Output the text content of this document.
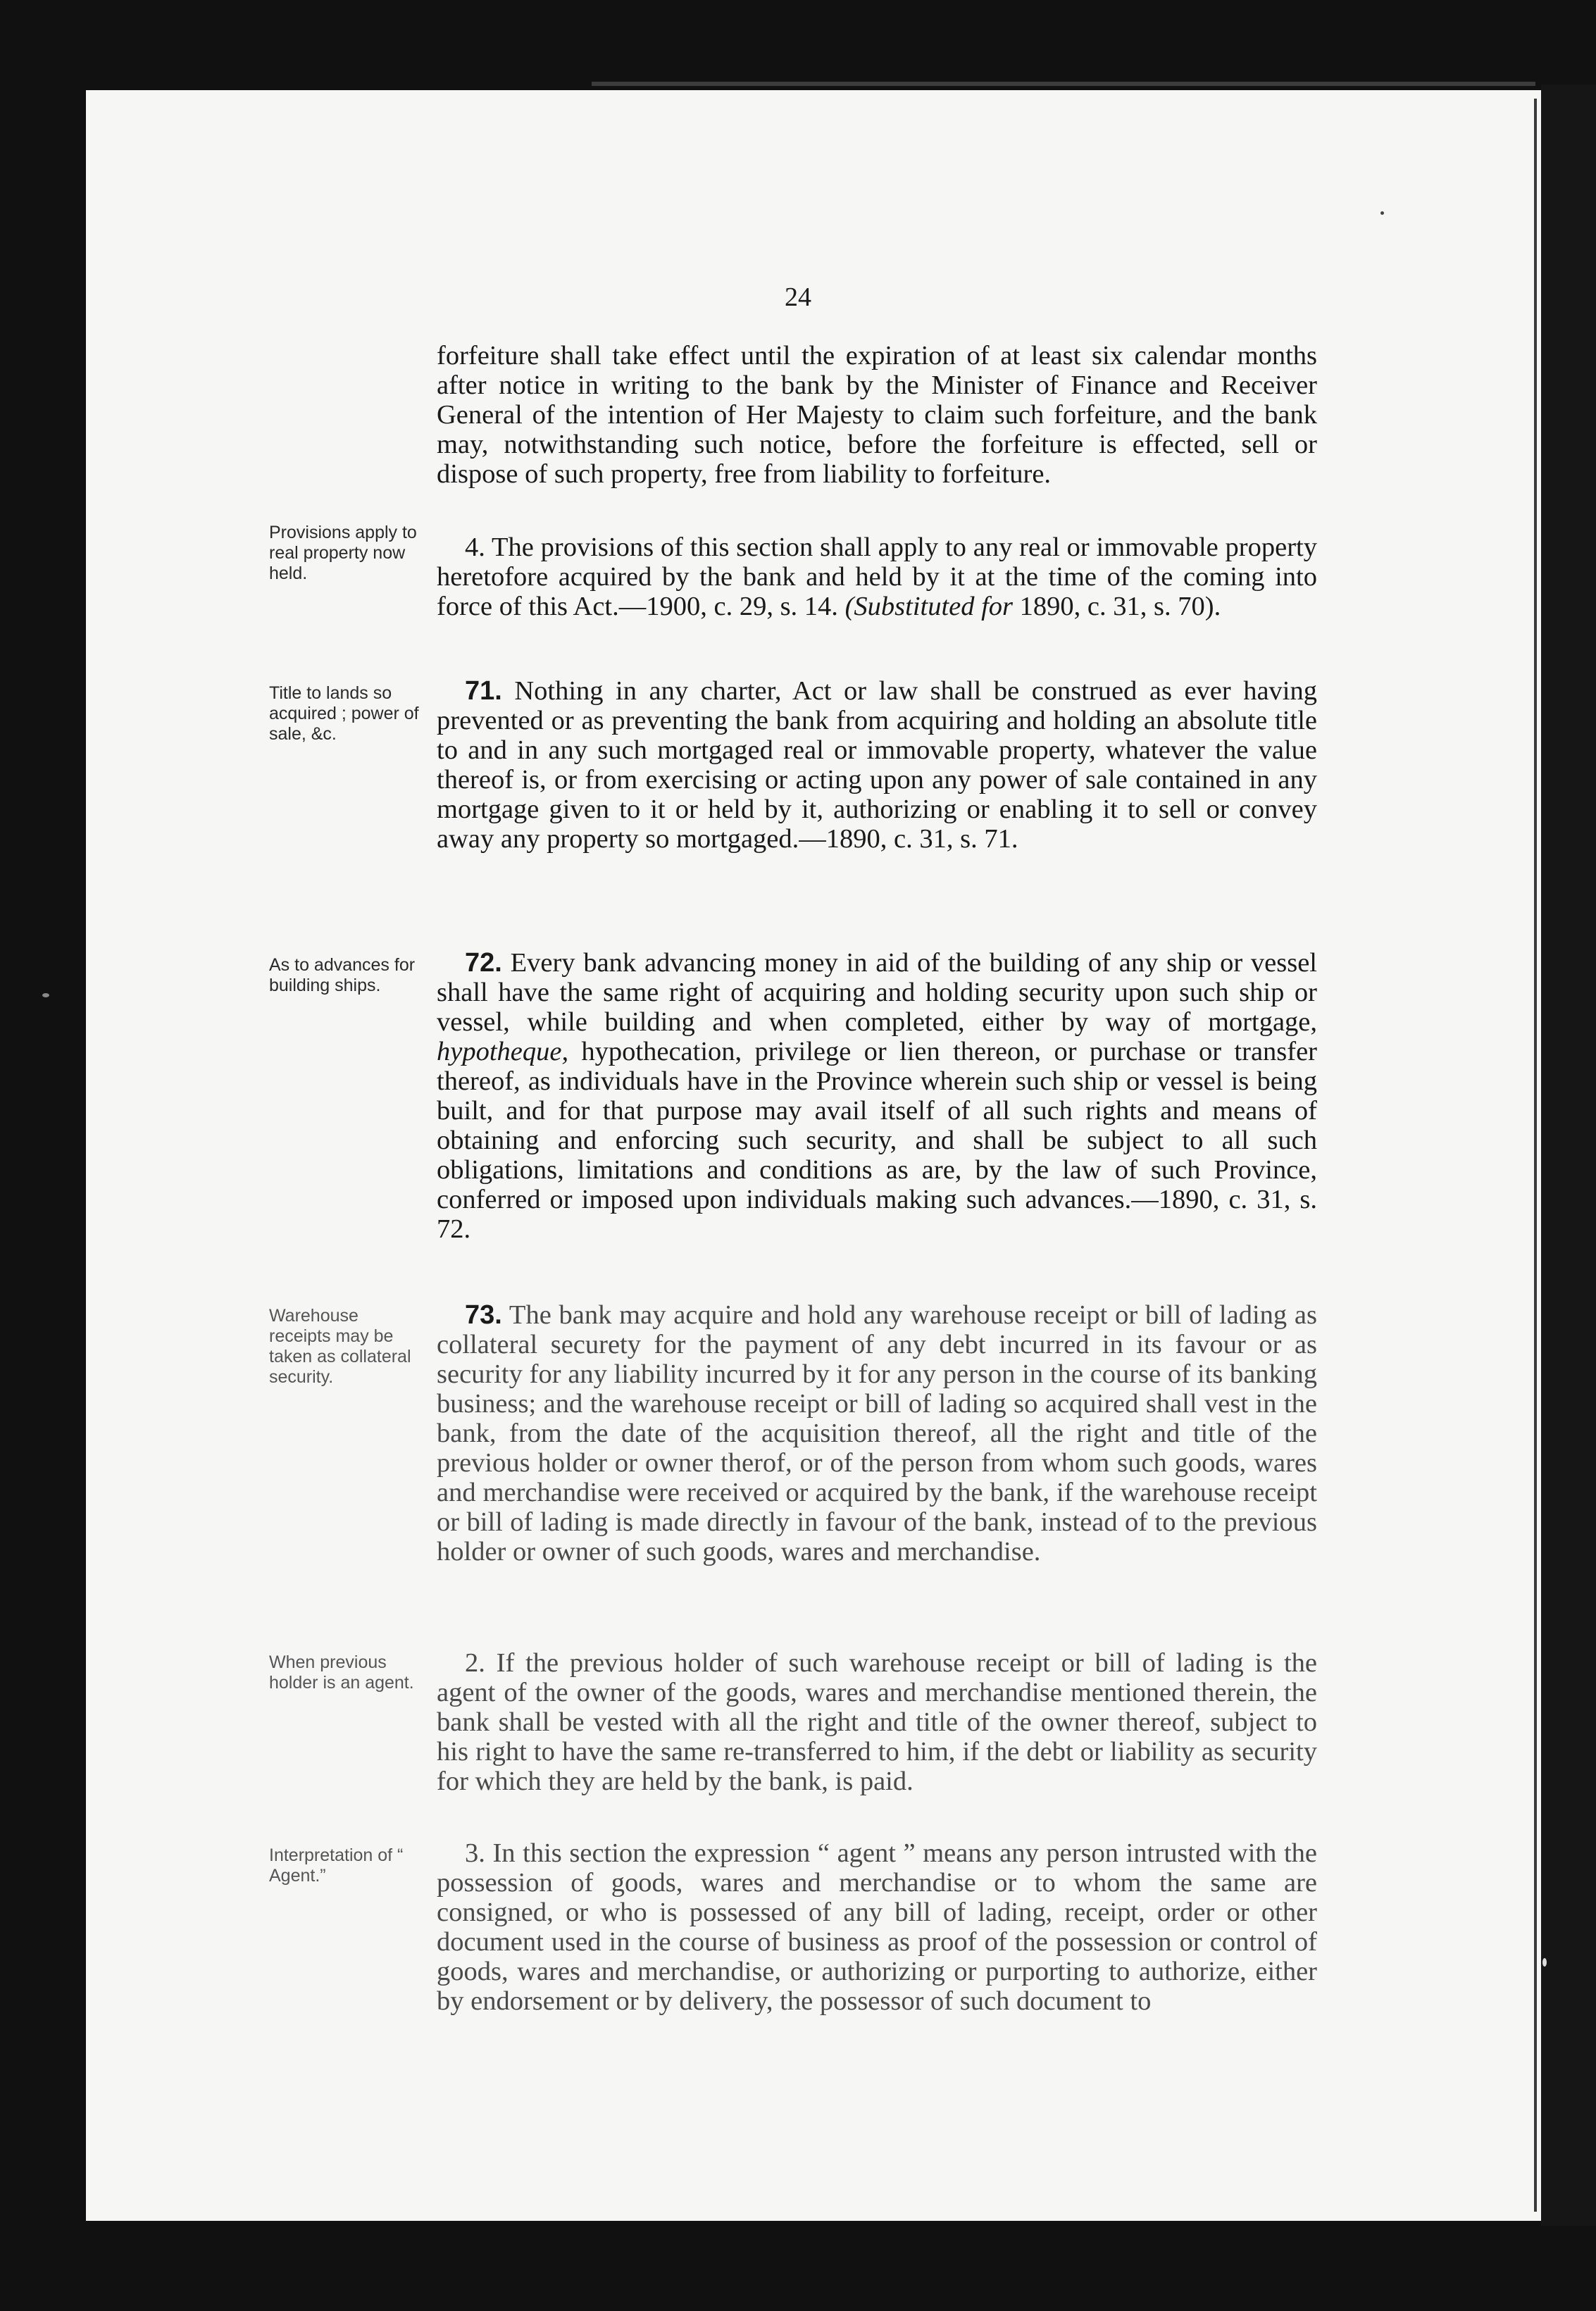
24

forfeiture shall take effect until the expiration of at least six calendar months after notice in writing to the bank by the Minister of Finance and Receiver General of the intention of Her Majesty to claim such forfeiture, and the bank may, notwithstanding such notice, before the forfeiture is effected, sell or dispose of such property, free from liability to forfeiture.

Provisions apply to real property now held.

4. The provisions of this section shall apply to any real or immovable property heretofore acquired by the bank and held by it at the time of the coming into force of this Act.—1900, c. 29, s. 14. (Substituted for 1890, c. 31, s. 70).

Title to lands so acquired ; power of sale, &c.

71. Nothing in any charter, Act or law shall be construed as ever having prevented or as preventing the bank from acquiring and holding an absolute title to and in any such mortgaged real or immovable property, whatever the value thereof is, or from exercising or acting upon any power of sale contained in any mortgage given to it or held by it, authorizing or enabling it to sell or convey away any property so mortgaged.—1890, c. 31, s. 71.

As to advances for building ships.

72. Every bank advancing money in aid of the building of any ship or vessel shall have the same right of acquiring and holding security upon such ship or vessel, while building and when completed, either by way of mortgage, hypotheque, hypothecation, privilege or lien thereon, or purchase or transfer thereof, as individuals have in the Province wherein such ship or vessel is being built, and for that purpose may avail itself of all such rights and means of obtaining and enforcing such security, and shall be subject to all such obligations, limitations and conditions as are, by the law of such Province, conferred or imposed upon individuals making such advances.—1890, c. 31, s. 72.

Warehouse receipts may be taken as collateral security.

73. The bank may acquire and hold any warehouse receipt or bill of lading as collateral securety for the payment of any debt incurred in its favour or as security for any liability incurred by it for any person in the course of its banking business; and the warehouse receipt or bill of lading so acquired shall vest in the bank, from the date of the acquisition thereof, all the right and title of the previous holder or owner therof, or of the person from whom such goods, wares and merchandise were received or acquired by the bank, if the warehouse receipt or bill of lading is made directly in favour of the bank, instead of to the previous holder or owner of such goods, wares and merchandise.

When previous holder is an agent.

2. If the previous holder of such warehouse receipt or bill of lading is the agent of the owner of the goods, wares and merchandise mentioned therein, the bank shall be vested with all the right and title of the owner thereof, subject to his right to have the same re-transferred to him, if the debt or liability as security for which they are held by the bank, is paid.

Interpretation of “ Agent.”

3. In this section the expression “ agent ” means any person intrusted with the possession of goods, wares and merchandise or to whom the same are consigned, or who is possessed of any bill of lading, receipt, order or other document used in the course of business as proof of the possession or control of goods, wares and merchandise, or authorizing or purporting to authorize, either by endorsement or by delivery, the possessor of such document to
